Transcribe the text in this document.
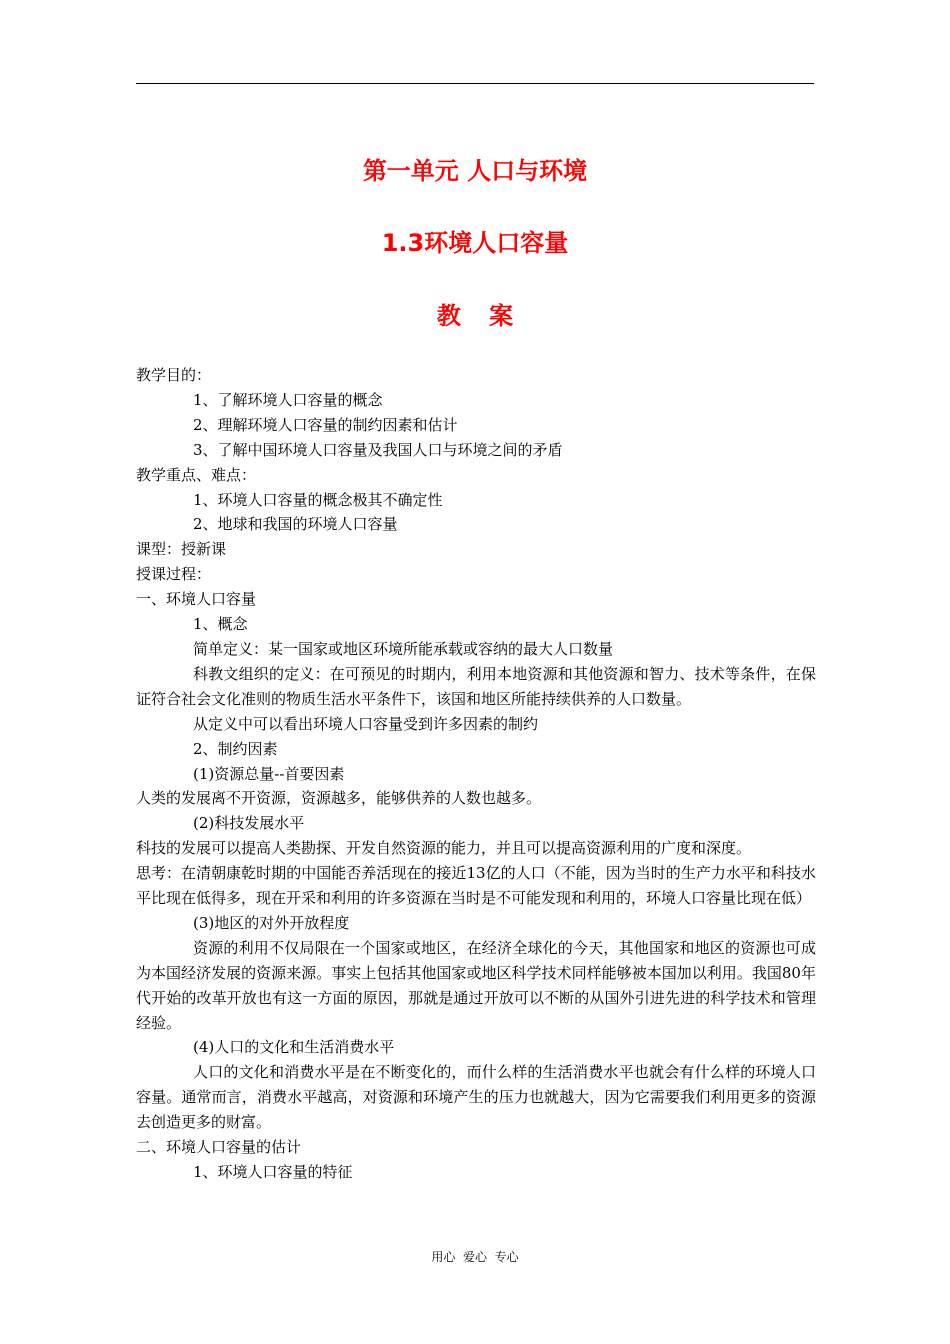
第一单元 人口与环境
1.3环境人口容量
教 案

教学目的：

1、了解环境人口容量的概念

2、理解环境人口容量的制约因素和估计

3、了解中国环境人口容量及我国人口与环境之间的矛盾

教学重点、难点：

1、环境人口容量的概念极其不确定性

2、地球和我国的环境人口容量

课型：授新课

授课过程：

一、环境人口容量

1、概念

简单定义：某一国家或地区环境所能承载或容纳的最大人口数量

科教文组织的定义：在可预见的时期内，利用本地资源和其他资源和智力、技术等条件，在保证符合社会文化准则的物质生活水平条件下，该国和地区所能持续供养的人口数量。

从定义中可以看出环境人口容量受到许多因素的制约

2、制约因素

(1)资源总量--首要因素

人类的发展离不开资源，资源越多，能够供养的人数也越多。

(2)科技发展水平

科技的发展可以提高人类勘探、开发自然资源的能力，并且可以提高资源利用的广度和深度。

思考：在清朝康乾时期的中国能否养活现在的接近13亿的人口（不能，因为当时的生产力水平和科技水平比现在低得多，现在开采和利用的许多资源在当时是不可能发现和利用的，环境人口容量比现在低）

(3)地区的对外开放程度

资源的利用不仅局限在一个国家或地区，在经济全球化的今天，其他国家和地区的资源也可成为本国经济发展的资源来源。事实上包括其他国家或地区科学技术同样能够被本国加以利用。我国80年代开始的改革开放也有这一方面的原因，那就是通过开放可以不断的从国外引进先进的科学技术和管理经验。

(4)人口的文化和生活消费水平

人口的文化和消费水平是在不断变化的，而什么样的生活消费水平也就会有什么样的环境人口容量。通常而言，消费水平越高，对资源和环境产生的压力也就越大，因为它需要我们利用更多的资源去创造更多的财富。

二、环境人口容量的估计

1、环境人口容量的特征

用心  爱心  专心
